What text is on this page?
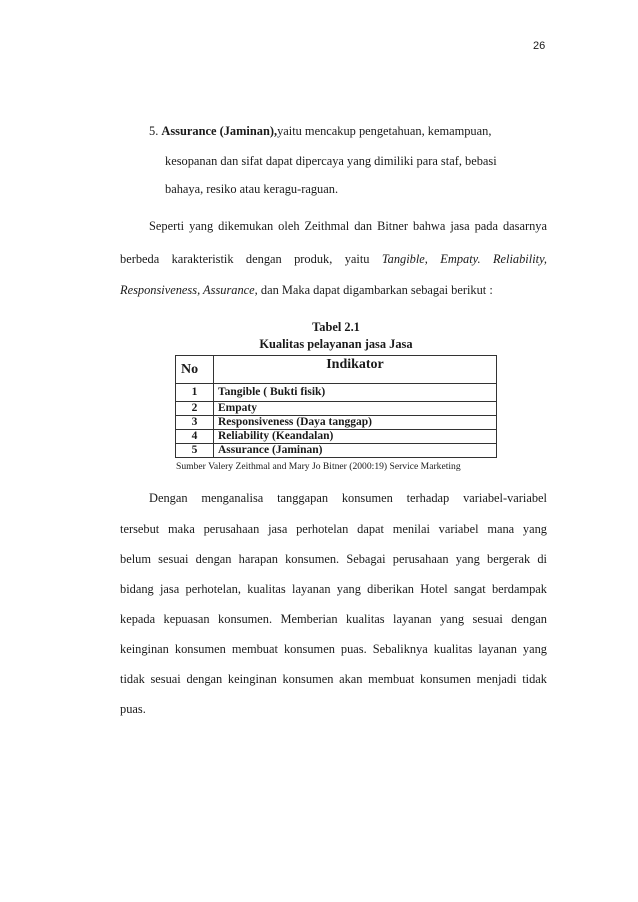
26
5. Assurance (Jaminan),yaitu mencakup pengetahuan, kemampuan,
kesopanan dan sifat dapat dipercaya yang dimiliki para staf, bebasi
bahaya, resiko atau keragu-raguan.
Seperti yang dikemukan oleh Zeithmal dan Bitner bahwa jasa pada dasarnya
berbeda karakteristik dengan produk, yaitu Tangible, Empaty. Reliability,
Responsiveness, Assurance, dan Maka dapat digambarkan sebagai berikut :
Tabel 2.1
Kualitas pelayanan jasa Jasa
No	Indikator
1	Tangible ( Bukti fisik)
2	Empaty
3	Responsiveness (Daya tanggap)
4	Reliability (Keandalan)
5	Assurance (Jaminan)
Sumber Valery Zeithmal and Mary Jo Bitner (2000:19) Service Marketing
Dengan menganalisa tanggapan konsumen terhadap variabel-variabel
tersebut maka perusahaan jasa perhotelan dapat menilai variabel mana yang
belum sesuai dengan harapan konsumen. Sebagai perusahaan yang bergerak di
bidang jasa perhotelan, kualitas layanan yang diberikan Hotel sangat berdampak
kepada kepuasan konsumen. Memberian kualitas layanan yang sesuai dengan
keinginan konsumen membuat konsumen puas. Sebaliknya kualitas layanan yang
tidak sesuai dengan keinginan konsumen akan membuat konsumen menjadi tidak
puas.
